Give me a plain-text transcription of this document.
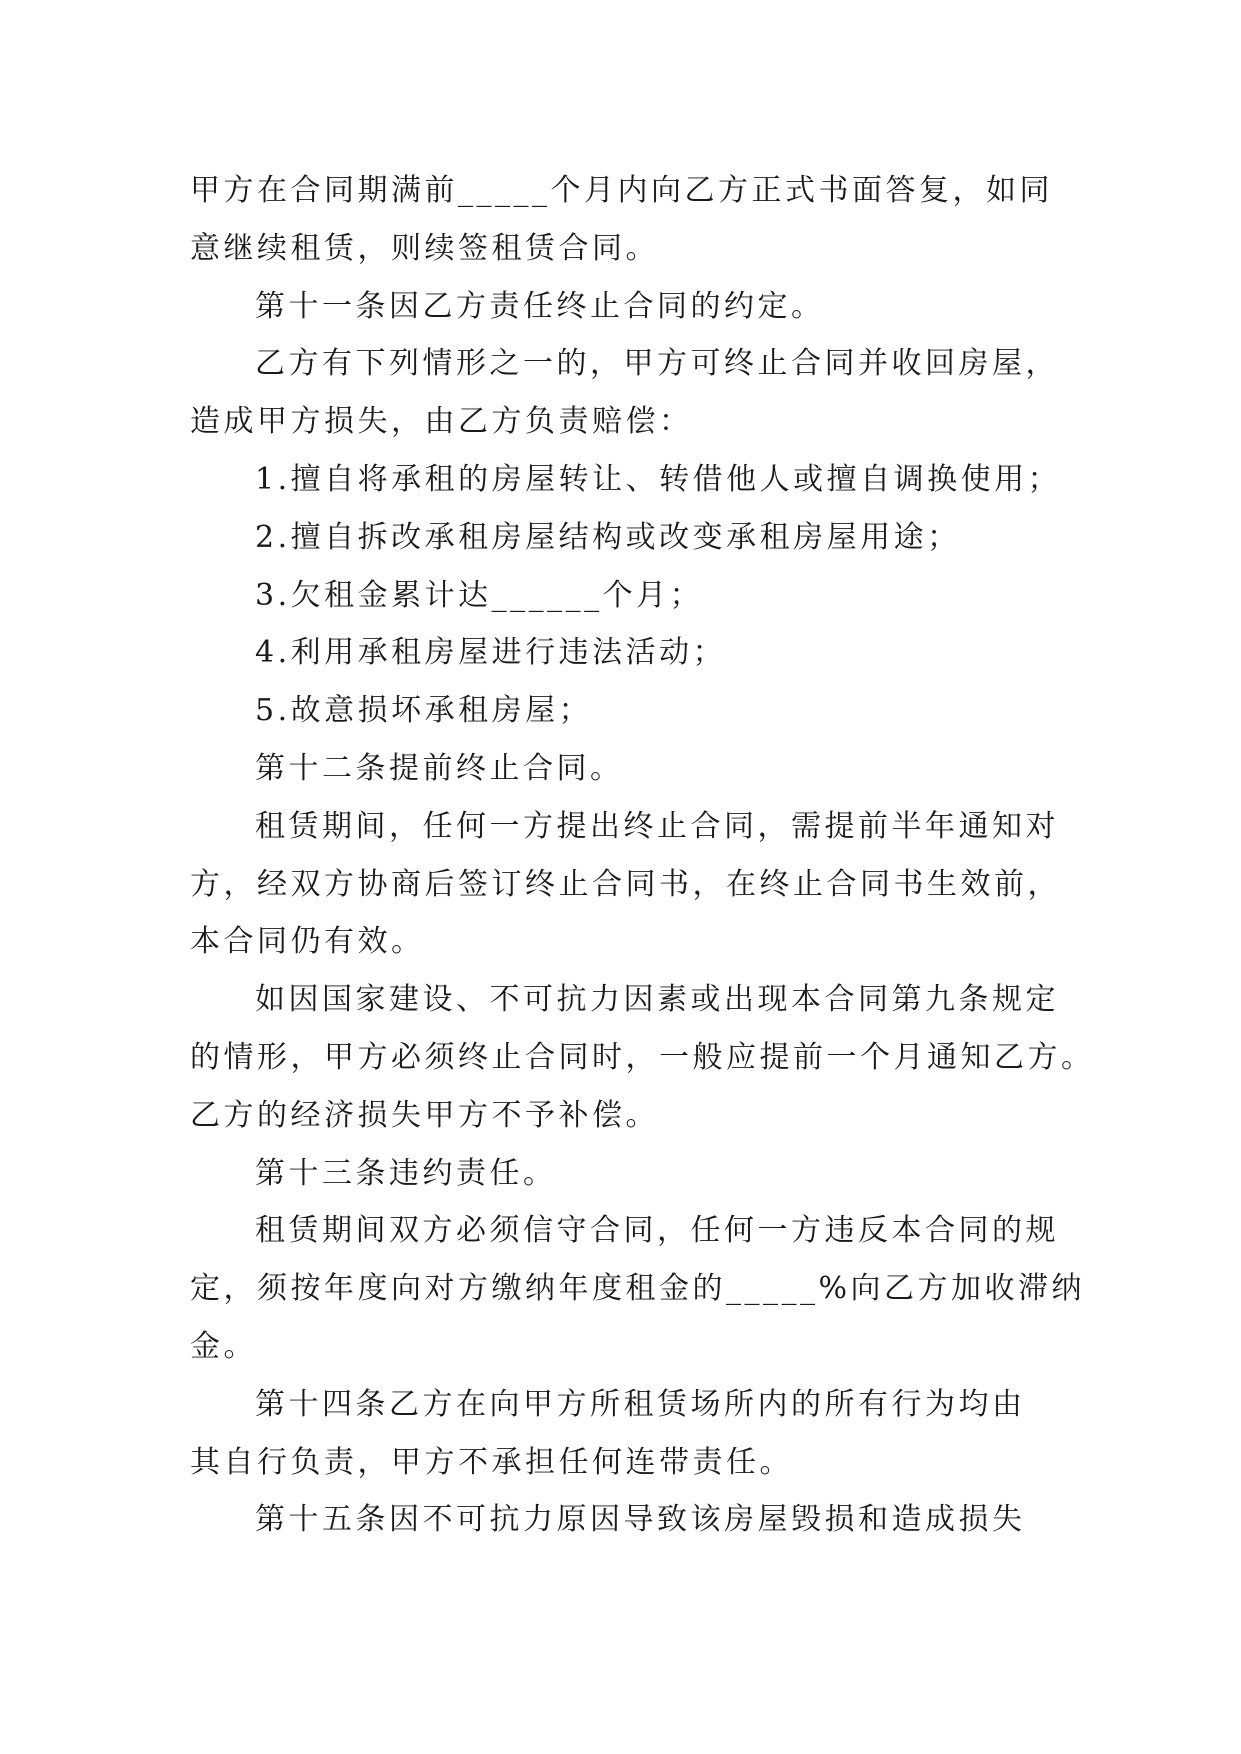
甲方在合同期满前_____个月内向乙方正式书面答复，如同
意继续租赁，则续签租赁合同。
第十一条因乙方责任终止合同的约定。
乙方有下列情形之一的，甲方可终止合同并收回房屋，
造成甲方损失，由乙方负责赔偿：
1.擅自将承租的房屋转让、转借他人或擅自调换使用；
2.擅自拆改承租房屋结构或改变承租房屋用途；
3.欠租金累计达______个月；
4.利用承租房屋进行违法活动；
5.故意损坏承租房屋；
第十二条提前终止合同。
租赁期间，任何一方提出终止合同，需提前半年通知对
方，经双方协商后签订终止合同书，在终止合同书生效前，
本合同仍有效。
如因国家建设、不可抗力因素或出现本合同第九条规定
的情形，甲方必须终止合同时，一般应提前一个月通知乙方。
乙方的经济损失甲方不予补偿。
第十三条违约责任。
租赁期间双方必须信守合同，任何一方违反本合同的规
定，须按年度向对方缴纳年度租金的_____%向乙方加收滞纳
金。
第十四条乙方在向甲方所租赁场所内的所有行为均由
其自行负责，甲方不承担任何连带责任。
第十五条因不可抗力原因导致该房屋毁损和造成损失
